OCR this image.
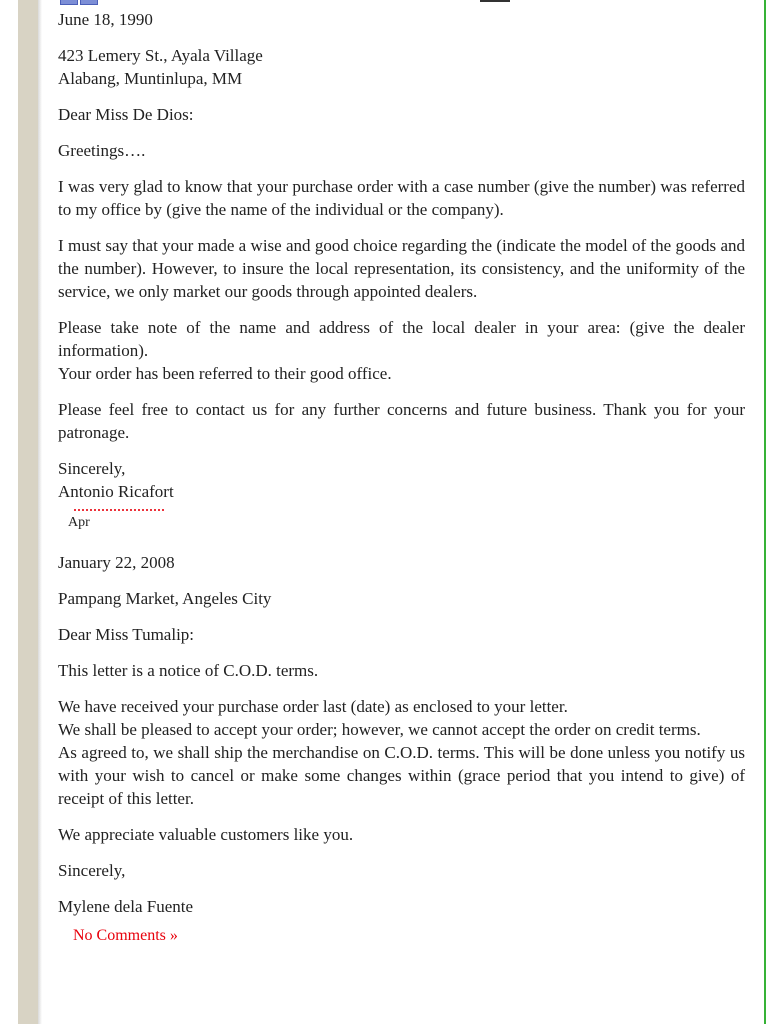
June 18, 1990
423 Lemery St., Ayala Village
Alabang, Muntinlupa, MM
Dear Miss De Dios:
Greetings….
I was very glad to know that your purchase order with a case number (give the number) was referred to my office by (give the name of the individual or the company).
I must say that your made a wise and good choice regarding the (indicate the model of the goods and the number). However, to insure the local representation, its consistency, and the uniformity of the service, we only market our goods through appointed dealers.
Please take note of the name and address of the local dealer in your area: (give the dealer information).
Your order has been referred to their good office.
Please feel free to contact us for any further concerns and future business. Thank you for your patronage.
Sincerely,
Antonio Ricafort
Apr
January 22, 2008
Pampang Market, Angeles City
Dear Miss Tumalip:
This letter is a notice of C.O.D. terms.
We have received your purchase order last (date) as enclosed to your letter.
We shall be pleased to accept your order; however, we cannot accept the order on credit terms.
As agreed to, we shall ship the merchandise on C.O.D. terms. This will be done unless you notify us with your wish to cancel or make some changes within (grace period that you intend to give) of receipt of this letter.
We appreciate valuable customers like you.
Sincerely,
Mylene dela Fuente
No Comments »
